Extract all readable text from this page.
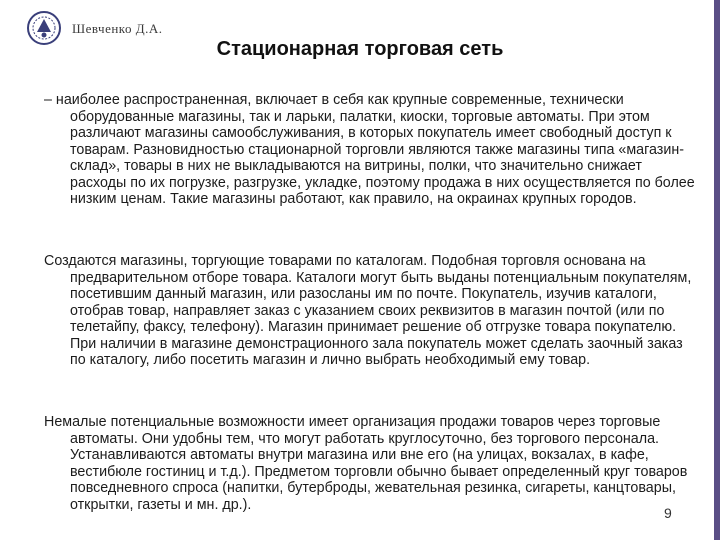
Шевченко Д.А.
Стационарная торговая сеть
– наиболее распространенная, включает в себя как крупные современные, технически оборудованные магазины, так и ларьки, палатки, киоски, торговые автоматы. При этом различают магазины самообслуживания, в которых покупатель имеет свободный доступ к товарам. Разновидностью стационарной торговли являются также магазины типа «магазин-склад», товары в них не выкладываются на витрины, полки, что значительно снижает расходы по их погрузке, разгрузке, укладке, поэтому продажа в них осуществляется по более низким ценам. Такие магазины работают, как правило, на окраинах крупных городов.
Создаются магазины, торгующие товарами по каталогам. Подобная торговля основана на предварительном отборе товара. Каталоги могут быть выданы потенциальным покупателям, посетившим данный магазин, или разосланы им по почте. Покупатель, изучив каталоги, отобрав товар, направляет заказ с указанием своих реквизитов в магазин почтой (или по телетайпу, факсу, телефону). Магазин принимает решение об отгрузке товара покупателю. При наличии в магазине демонстрационного зала покупатель может сделать заочный заказ по каталогу, либо посетить магазин и лично выбрать необходимый ему товар.
Немалые потенциальные возможности имеет организация продажи товаров через торговые автоматы. Они удобны тем, что могут работать круглосуточно, без торгового персонала. Устанавливаются автоматы внутри магазина или вне его (на улицах, вокзалах, в кафе, вестибюле гостиниц и т.д.). Предметом торговли обычно бывает определенный круг товаров повседневного спроса (напитки, бутерброды, жевательная резинка, сигареты, канцтовары, открытки, газеты и мн. др.).
9
